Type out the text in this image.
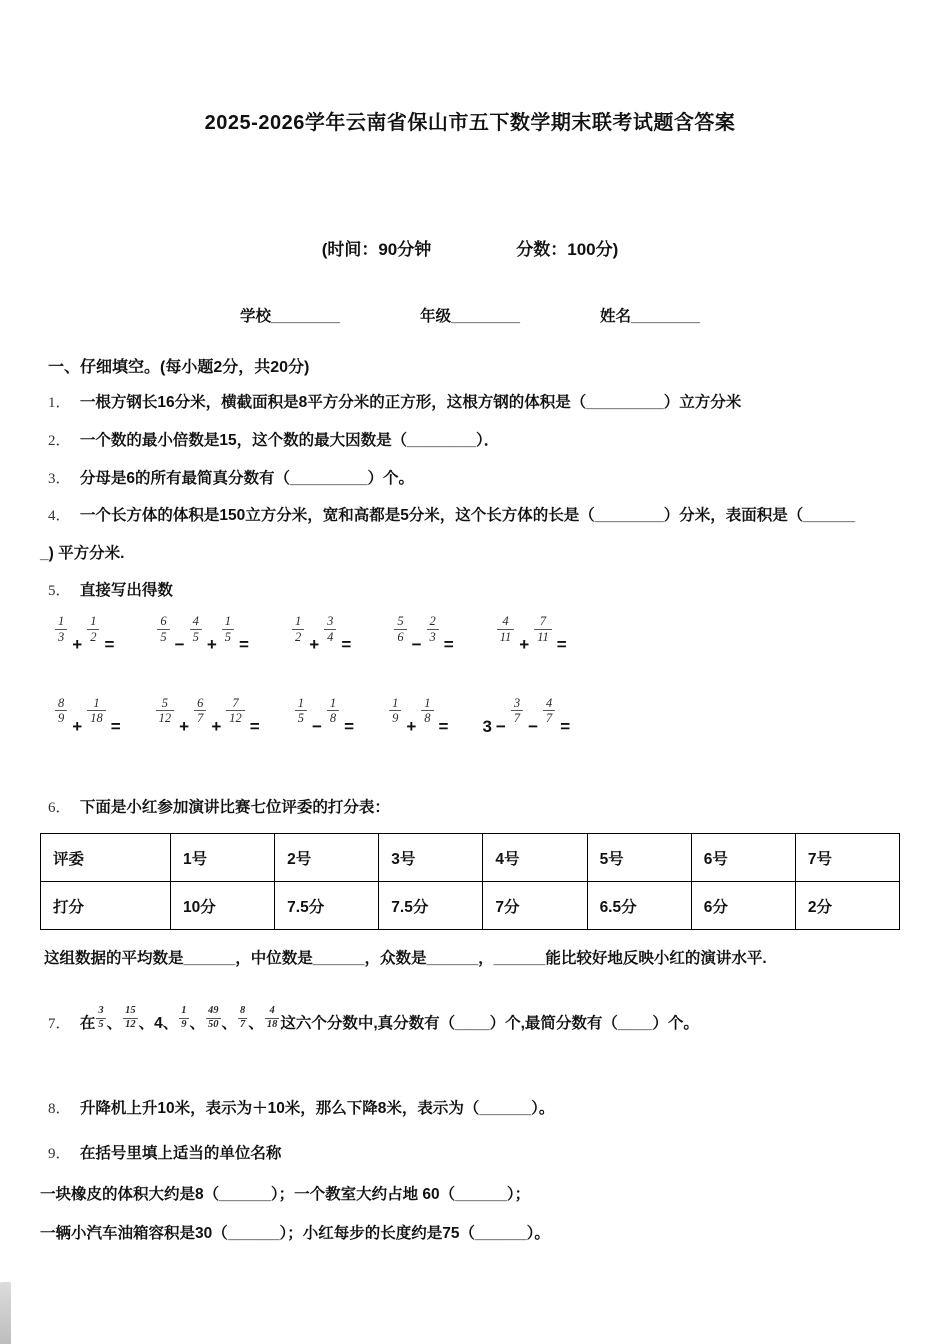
2025-2026学年云南省保山市五下数学期末联考试题含答案
(时间：90分钟	分数：100分)
学校________	年级________	姓名________
一、仔细填空。(每小题2分，共20分)

1． 一根方钢长16分米，横截面积是8平方分米的正方形，这根方钢的体积是（_________）立方分米

2． 一个数的最小倍数是15，这个数的最大因数是（________）．

3． 分母是6的所有最简真分数有（_________）个。

4． 一个长方体的体积是150立方分米，宽和高都是5分米，这个长方体的长是（________）分米，表面积是（______

_) 平方分米.

5． 直接写出得数

$\frac{1}{3}$
+
$\frac{1}{2}$
=
$\frac{6}{5}$
−
$\frac{4}{5}$
+
$\frac{1}{5}$
=
$\frac{1}{2}$
+
$\frac{3}{4}$
=
$\frac{5}{6}$
−
$\frac{2}{3}$
=
$\frac{4}{11}$
+
$\frac{7}{11}$
=
$\frac{8}{9}$
+
$\frac{1}{18}$
=
$\frac{5}{12}$
+
$\frac{6}{7}$
+
$\frac{7}{12}$
=
$\frac{1}{5}$
−
$\frac{1}{8}$
=
$\frac{1}{9}$
+
$\frac{1}{8}$
= 3 −
$\frac{3}{7}$
−
$\frac{4}{7}$
=

6． 下面是小红参加演讲比赛七位评委的打分表：

评委	1号	2号	3号	4号	5号	6号	7号
打分	10分	7.5分	7.5分	7分	6.5分	6分	2分

这组数据的平均数是______，中位数是______，众数是______，______能比较好地反映小红的演讲水平.

7． 在 $\frac{3}{5}$ 、 $\frac{15}{12}$ 、 4 、 $\frac{1}{9}$ 、 $\frac{49}{50}$ 、 $\frac{8}{7}$ 、 $\frac{4}{18}$ 这六个分数中,真分数有（____）个,最简分数有（____）个。

8． 升降机上升10米，表示为＋10米，那么下降8米，表示为（______）。

9． 在括号里填上适当的单位名称

一块橡皮的体积大约是8（______）；一个教室大约占地 60（______）；

一辆小汽车油箱容积是30（______）；小红每步的长度约是75（______）。
